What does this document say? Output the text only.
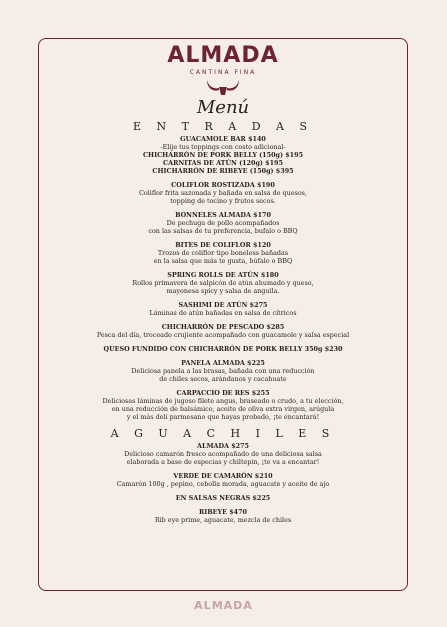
ALMADA
CANTINA FINA
Menú
E N T R A D A S
GUACAMOLE BAR $140
-Elije tus toppings con costo adicional-
CHICHARRÓN DE PORK BELLY (150g) $195
CARNITAS DE ATÚN (120g) $195
CHICHARRÓN DE RIBEYE (150g) $395
COLIFLOR ROSTIZADA $190
Coliflor frita sazonada y bañada en salsa de quesos,
topping de tocino y frutos secos.
BONNELES ALMADA $170
De pechuga de pollo acompañados
con las salsas de tu preferencia, bufalo o BBQ
BITES DE COLIFLOR $120
Trozos de coliflor tipo boneless bañadas
en la salsa que más te gusta, búfalo o BBQ
SPRING ROLLS DE ATÚN $180
Rollos primavera de salpicón de atún ahumado y queso,
mayonesa spicy y salsa de anguila.
SASHIMI DE ATÚN $275
Láminas de atún bañadas en salsa de cítricos
CHICHARRÓN DE PESCADO $285
Pesca del día, troceado crujiente acompañado con guacamole y salsa especial
QUESO FUNDIDO CON CHICHARRÓN DE PORK BELLY 350g $230
PANELA ALMADA $225
Deliciosa panela a las brasas, bañada con una reducción
de chiles secos, arándanos y cacahuate
CARPACCIO DE RES $255
Deliciosas láminas de jugoso filete angus, braseado o crudo, a tu elección,
en una reducción de balsámico, aceite de oliva extra virgen, arúgula
y el más deli parmesano que hayas probado, ¡te encantará!
A G U A C H I L E S
ALMADA $275
Delicioso camarón fresco acompañado de una deliciosa salsa
elaborada a base de especias y chiltepin, ¡te va a encantar!
VERDE DE CAMARÓN $210
Camarón 100g , pepino, cebolla morada, aguacate y aceite de ajo
EN SALSAS NEGRAS $225
RIBEYE $470
Rib eye prime, aguacate, mezcla de chiles
ALMADA
